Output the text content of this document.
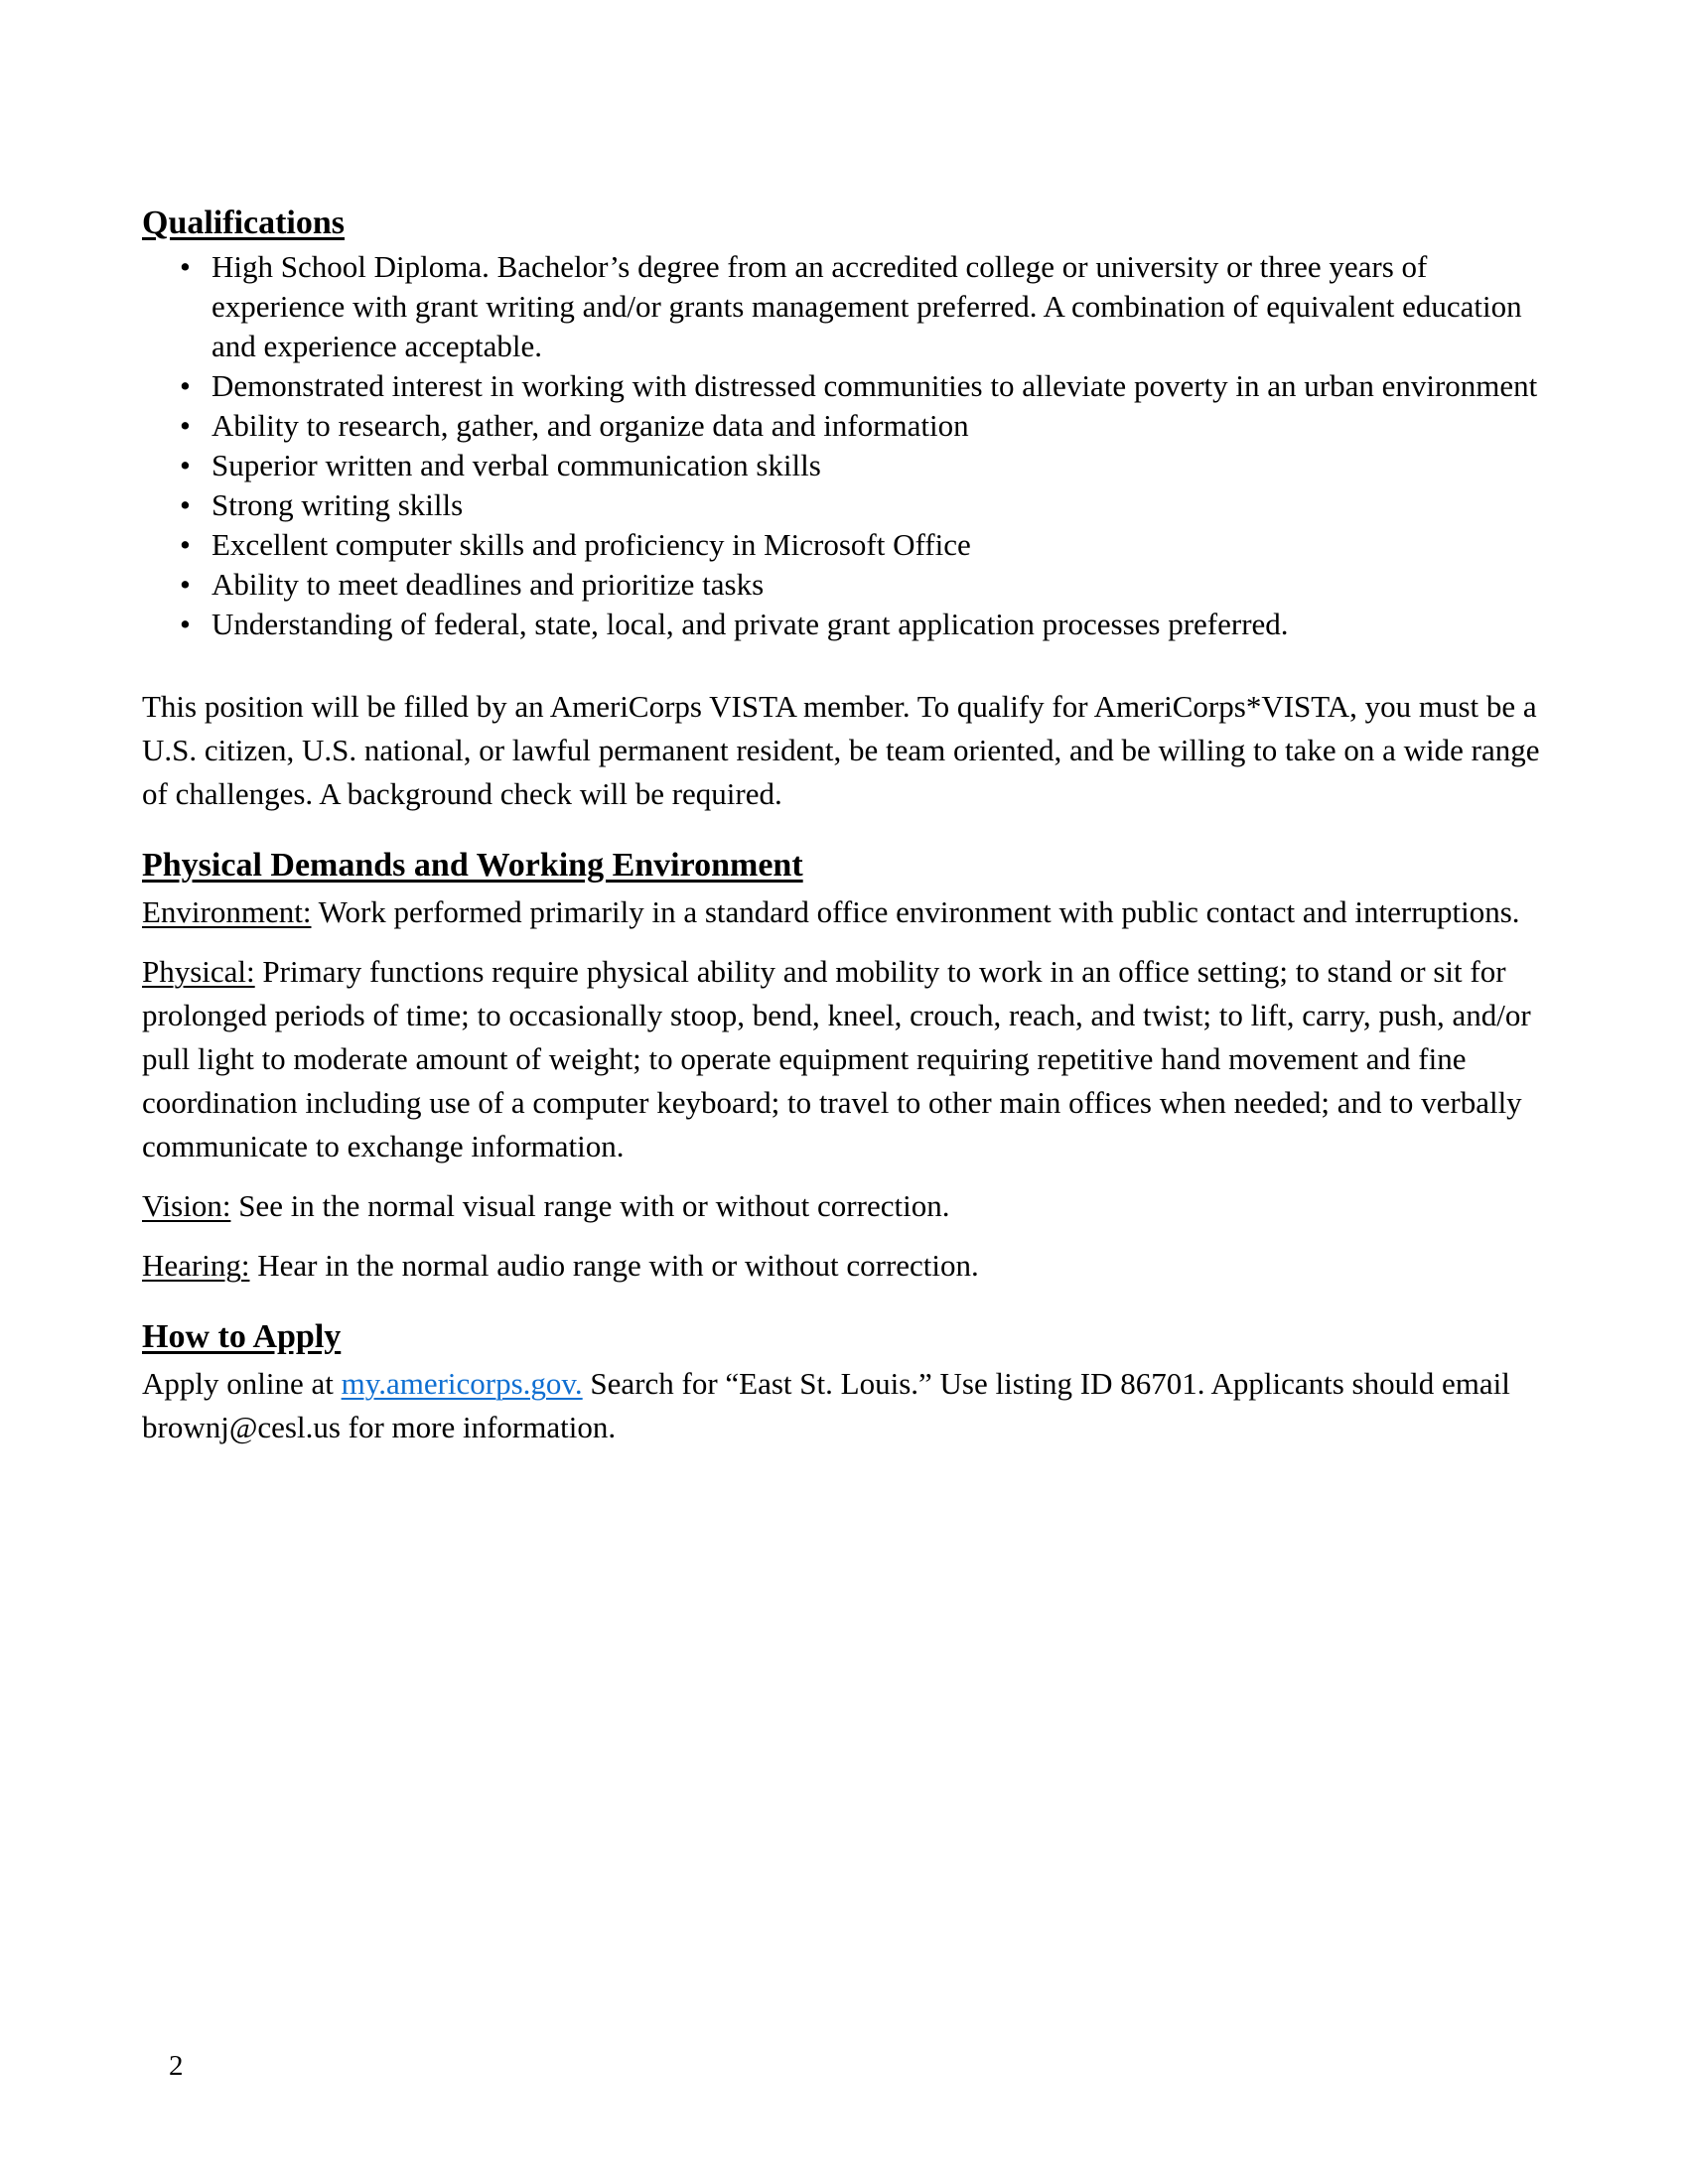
Qualifications
• High School Diploma. Bachelor’s degree from an accredited college or university or three years of experience with grant writing and/or grants management preferred. A combination of equivalent education and experience acceptable.
• Demonstrated interest in working with distressed communities to alleviate poverty in an urban environment
• Ability to research, gather, and organize data and information
• Superior written and verbal communication skills
• Strong writing skills
• Excellent computer skills and proficiency in Microsoft Office
• Ability to meet deadlines and prioritize tasks
• Understanding of federal, state, local, and private grant application processes preferred.

This position will be filled by an AmeriCorps VISTA member. To qualify for AmeriCorps*VISTA, you must be a U.S. citizen, U.S. national, or lawful permanent resident, be team oriented, and be willing to take on a wide range of challenges. A background check will be required.

Physical Demands and Working Environment

Environment: Work performed primarily in a standard office environment with public contact and interruptions.

Physical: Primary functions require physical ability and mobility to work in an office setting; to stand or sit for prolonged periods of time; to occasionally stoop, bend, kneel, crouch, reach, and twist; to lift, carry, push, and/or pull light to moderate amount of weight; to operate equipment requiring repetitive hand movement and fine coordination including use of a computer keyboard; to travel to other main offices when needed; and to verbally communicate to exchange information.

Vision: See in the normal visual range with or without correction.

Hearing: Hear in the normal audio range with or without correction.

How to Apply

Apply online at my.americorps.gov. Search for “East St. Louis.” Use listing ID 86701. Applicants should email brownj@cesl.us for more information.

2
